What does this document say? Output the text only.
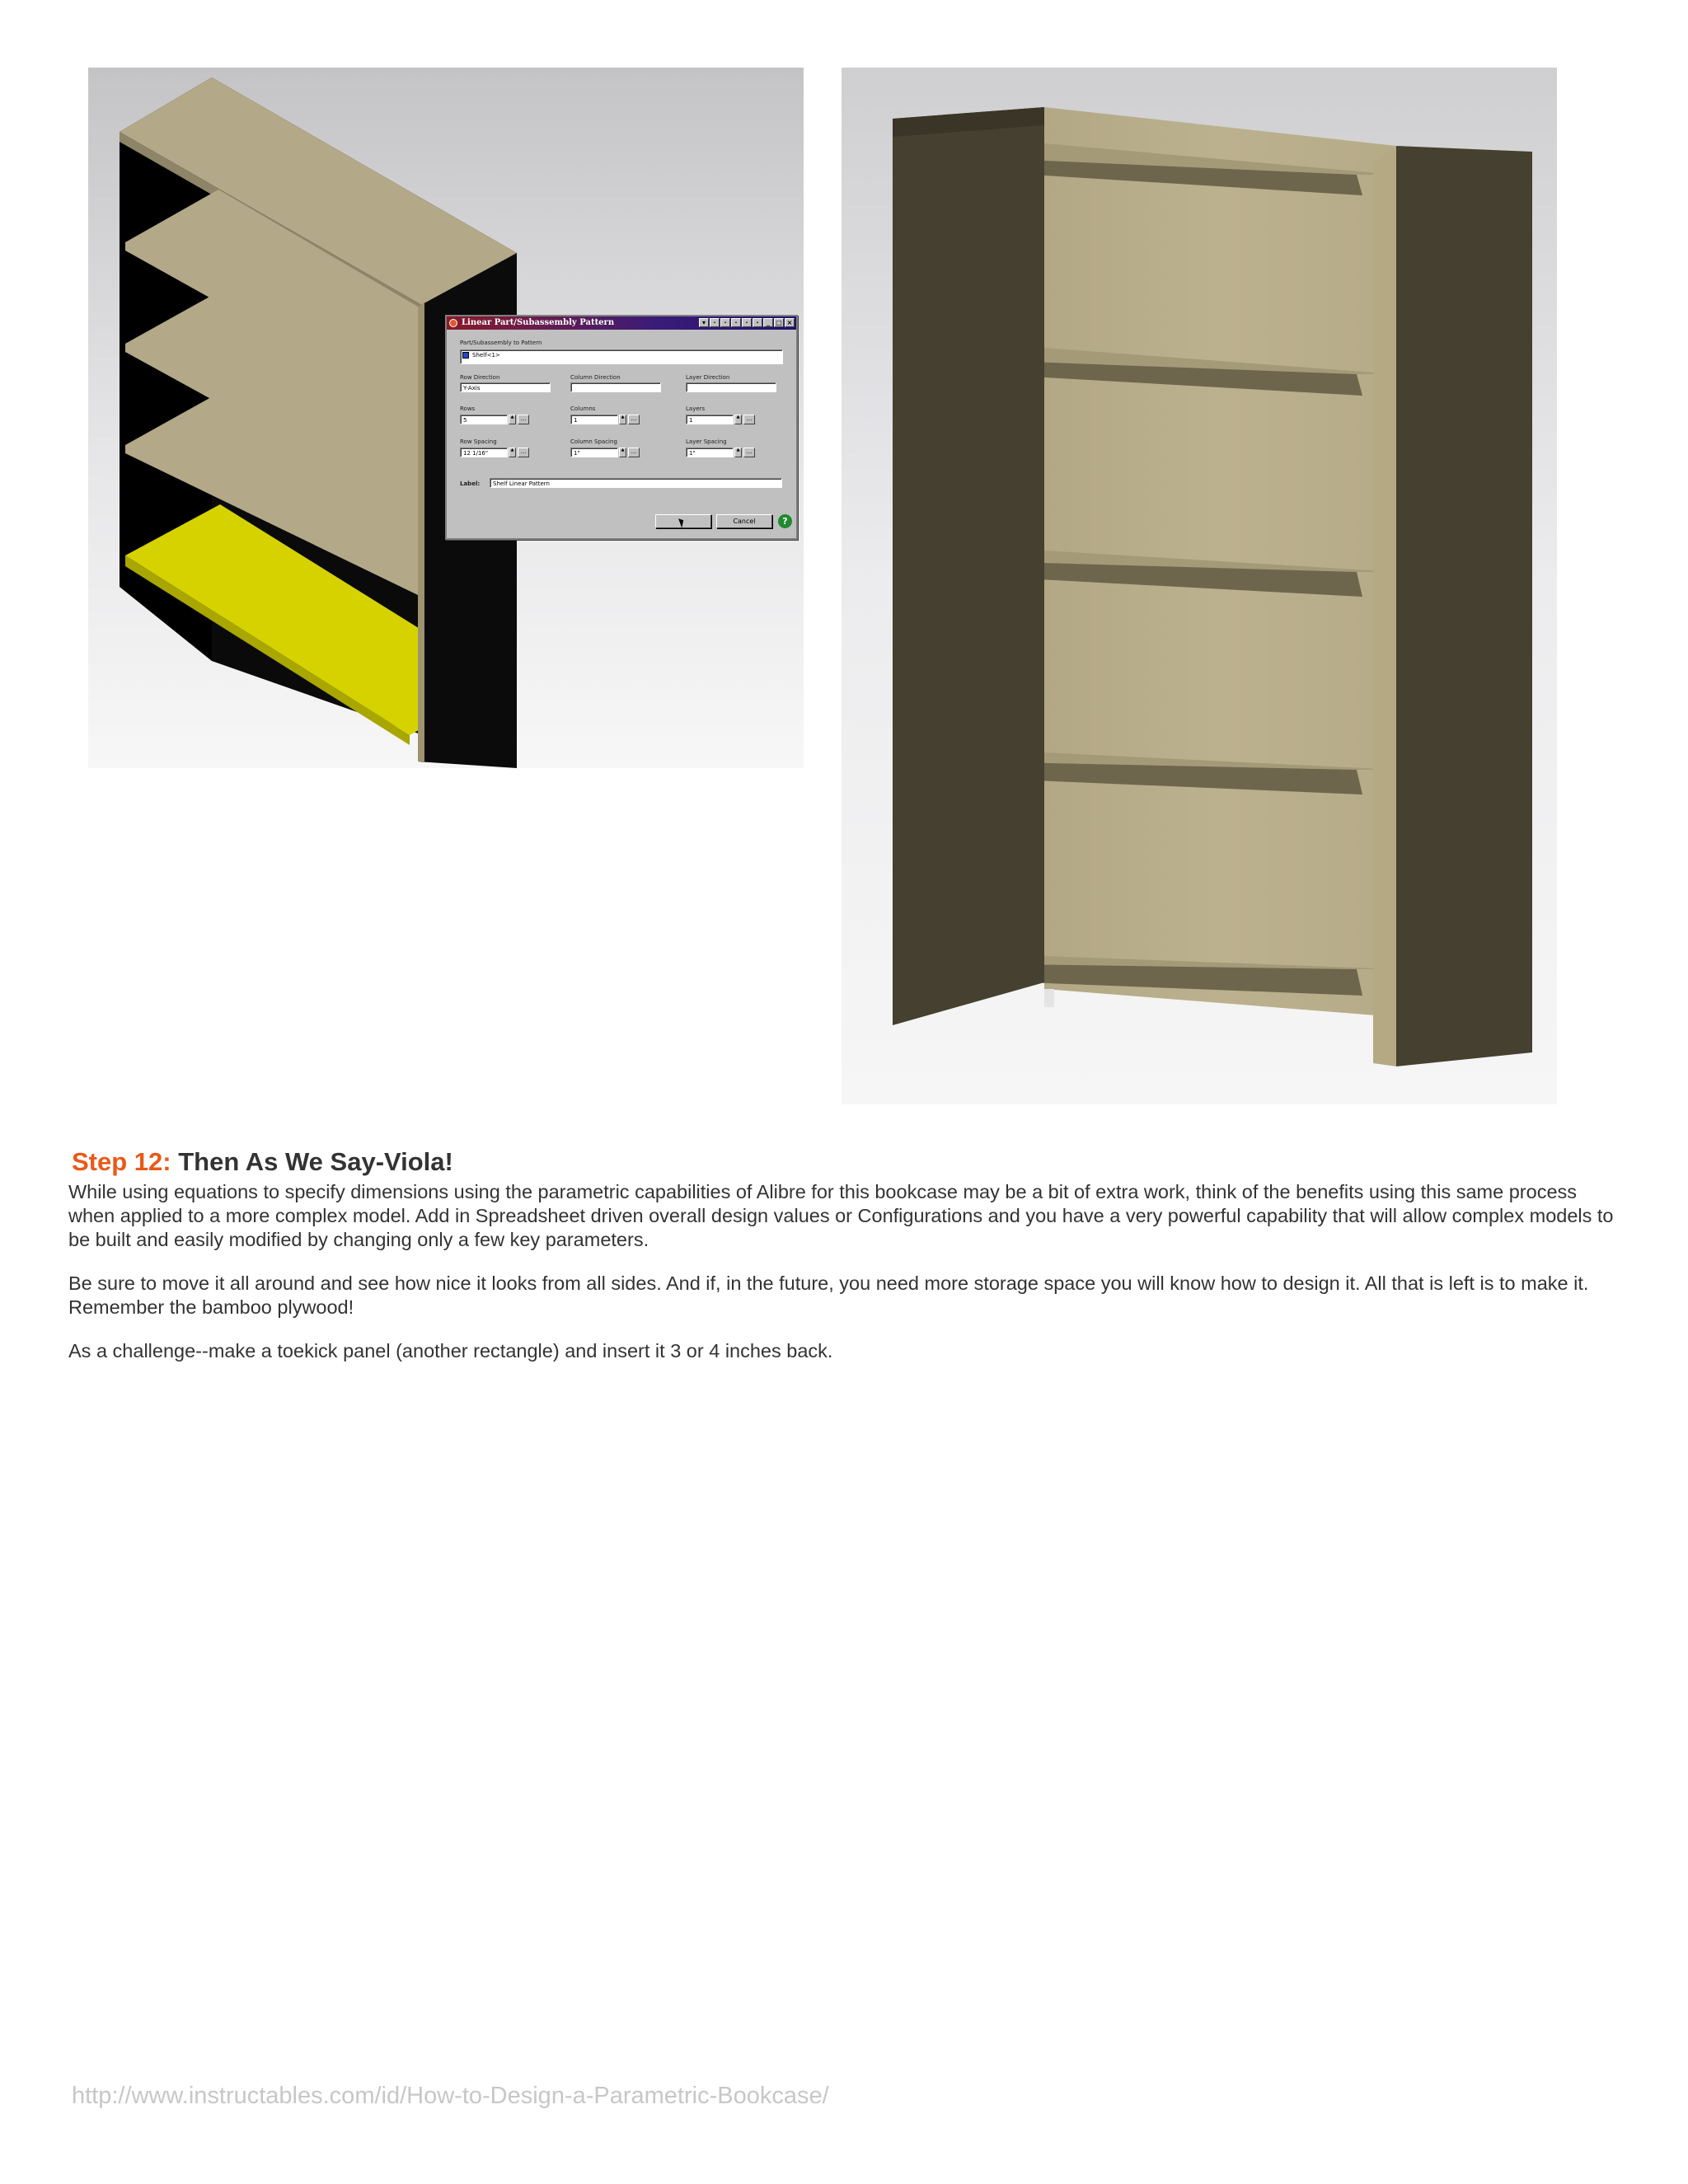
Linear Part/Subassembly Pattern	▾	·	·	·	·	·	_ □ ×
Part/Subassembly to Pattern
Shelf<1>
Row Direction
Y-Axis
Column Direction	Layer Direction
Rows
5	▲	...
Columns
1	▲	...
Layers
1	▲	...
Row Spacing
12 1/16"	▲	...
Column Spacing
1"	▲	...
Layer Spacing
1"	▲	...
Label:	Shelf Linear Pattern
Cancel	?
Step 12: Then As We Say-Viola!

While using equations to specify dimensions using the parametric capabilities of Alibre for this bookcase may be a bit of extra work, think of the benefits using this same process when applied to a more complex model. Add in Spreadsheet driven overall design values or Configurations and you have a very powerful capability that will allow complex models to be built and easily modified by changing only a few key parameters.

Be sure to move it all around and see how nice it looks from all sides. And if, in the future, you need more storage space you will know how to design it. All that is left is to make it. Remember the bamboo plywood!

As a challenge--make a toekick panel (another rectangle) and insert it 3 or 4 inches back.

http://www.instructables.com/id/How-to-Design-a-Parametric-Bookcase/
